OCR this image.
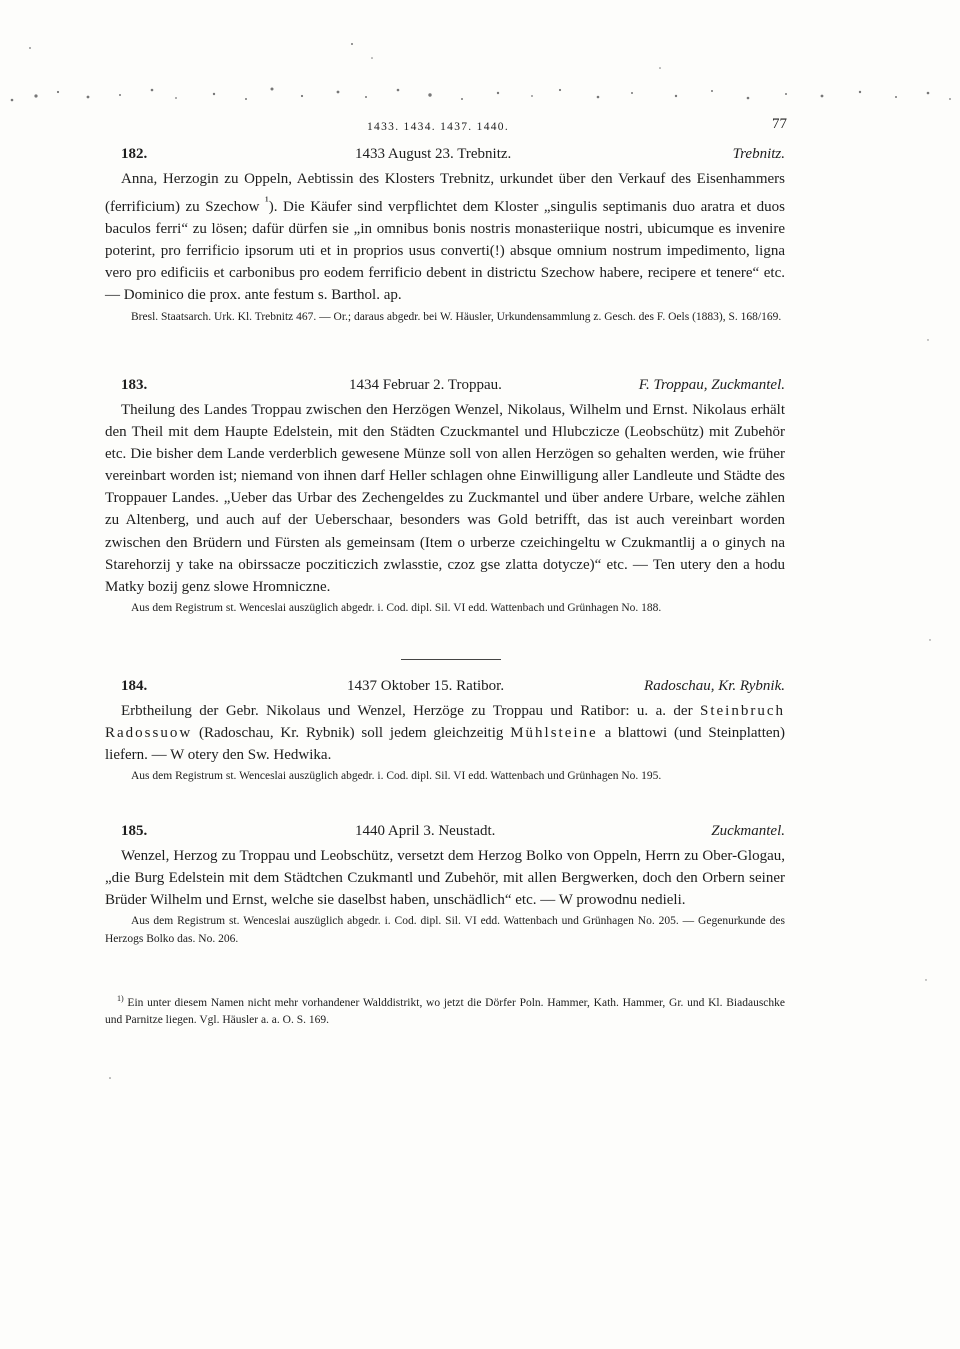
1433. 1434. 1437. 1440.	77
182.	1433 August 23. Trebnitz.	Trebnitz.

Anna, Herzogin zu Oppeln, Aebtissin des Klosters Trebnitz, urkundet über den Verkauf des Eisenhammers (ferrificium) zu Szechow $^{^1}$). Die Käufer sind verpflichtet dem Kloster „singulis septimanis duo aratra et duos baculos ferri“ zu lösen; dafür dürfen sie „in omnibus bonis nostris monasteriique nostri, ubicumque es invenire poterint, pro ferrificio ipsorum uti et in proprios usus converti(!) absque omnium nostrum impedimento, ligna vero pro edificiis et carbonibus pro eodem ferrificio debent in districtu Szechow habere, recipere et tenere“ etc. — Dominico die prox. ante festum s. Barthol. ap.

Bresl. Staatsarch. Urk. Kl. Trebnitz 467. — Or.; daraus abgedr. bei W. Häusler, Urkundensammlung z. Gesch. des F. Oels (1883), S. 168/169.

183.	1434 Februar 2. Troppau.	F. Troppau, Zuckmantel.

Theilung des Landes Troppau zwischen den Herzögen Wenzel, Nikolaus, Wilhelm und Ernst. Nikolaus erhält den Theil mit dem Haupte Edelstein, mit den Städten Czuckmantel und Hlubczicze (Leobschütz) mit Zubehör etc. Die bisher dem Lande verderblich gewesene Münze soll von allen Herzögen so gehalten werden, wie früher vereinbart worden ist; niemand von ihnen darf Heller schlagen ohne Einwilligung aller Landleute und Städte des Troppauer Landes. „Ueber das Urbar des Zechengeldes zu Zuckmantel und über andere Urbare, welche zählen zu Altenberg, und auch auf der Ueberschaar, besonders was Gold betrifft, das ist auch vereinbart worden zwischen den Brüdern und Fürsten als gemeinsam (Item o urberze czeichingeltu w Czukmantlij a o ginych na Starehorzij y take na obirssacze pocziticzich zwlasstie, czoz gse zlatta dotycze)“ etc. — Ten utery den a hodu Matky bozij genz slowe Hromniczne.

Aus dem Registrum st. Wenceslai auszüglich abgedr. i. Cod. dipl. Sil. VI edd. Wattenbach und Grünhagen No. 188.

184.	1437 Oktober 15. Ratibor.	Radoschau, Kr. Rybnik.

Erbtheilung der Gebr. Nikolaus und Wenzel, Herzöge zu Troppau und Ratibor: u. a. der Steinbruch Radossuow (Radoschau, Kr. Rybnik) soll jedem gleichzeitig Mühlsteine a blattowi (und Steinplatten) liefern. — W otery den Sw. Hedwika.

Aus dem Registrum st. Wenceslai auszüglich abgedr. i. Cod. dipl. Sil. VI edd. Wattenbach und Grünhagen No. 195.

185.	1440 April 3. Neustadt.	Zuckmantel.

Wenzel, Herzog zu Troppau und Leobschütz, versetzt dem Herzog Bolko von Oppeln, Herrn zu Ober-Glogau, „die Burg Edelstein mit dem Städtchen Czukmantl und Zubehör, mit allen Bergwerken, doch den Orbern seiner Brüder Wilhelm und Ernst, welche sie daselbst haben, unschädlich“ etc. — W prowodnu nedieli.

Aus dem Registrum st. Wenceslai auszüglich abgedr. i. Cod. dipl. Sil. VI edd. Wattenbach und Grünhagen No. 205. — Gegenurkunde des Herzogs Bolko das. No. 206.

$^{1)}$ Ein unter diesem Namen nicht mehr vorhandener Walddistrikt, wo jetzt die Dörfer Poln. Hammer, Kath. Hammer, Gr. und Kl. Biadauschke und Parnitze liegen. Vgl. Häusler a. a. O. S. 169.
